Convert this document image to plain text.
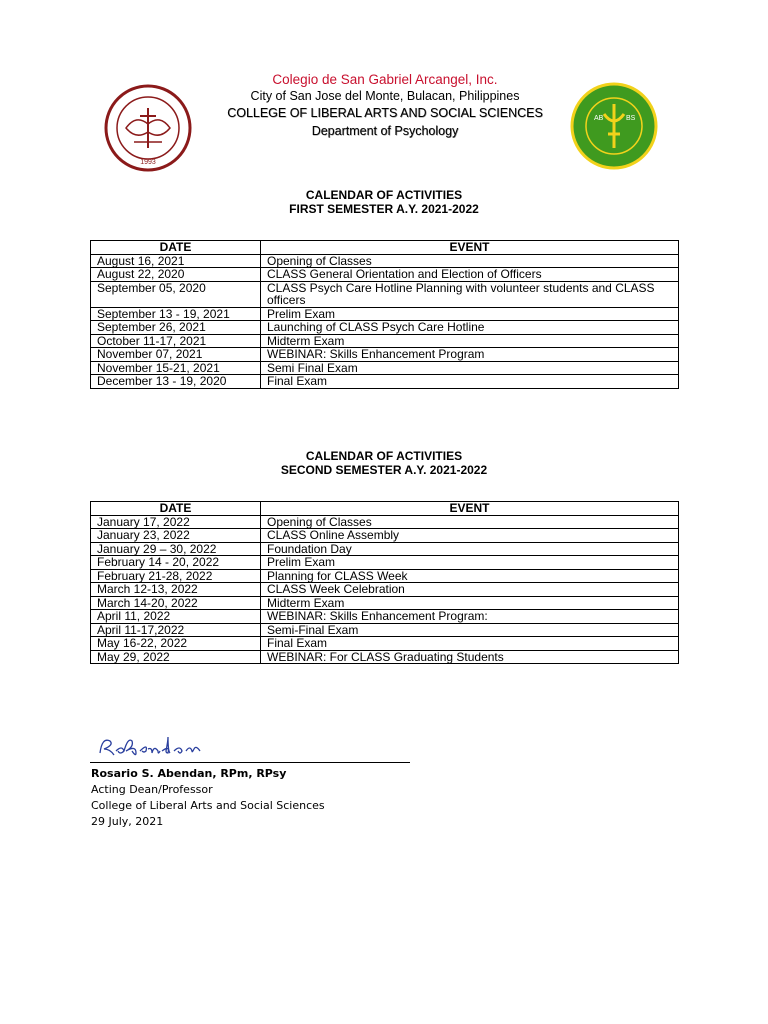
1993
Colegio de San Gabriel Arcangel, Inc.
City of San Jose del Monte, Bulacan, Philippines
COLLEGE OF LIBERAL ARTS AND SOCIAL SCIENCES
Department of Psychology
AB	BS
CALENDAR OF ACTIVITIES
FIRST SEMESTER A.Y. 2021-2022
DATE	EVENT
August 16, 2021	Opening of Classes
August 22, 2020	CLASS General Orientation and Election of Officers
September 05, 2020	CLASS Psych Care Hotline Planning with volunteer students and CLASS officers
September 13 - 19, 2021	Prelim Exam
September 26, 2021	Launching of CLASS Psych Care Hotline
October 11-17, 2021	Midterm Exam
November 07, 2021	WEBINAR: Skills Enhancement Program
November 15-21, 2021	Semi Final Exam
December 13 - 19, 2020	Final Exam
CALENDAR OF ACTIVITIES
SECOND SEMESTER A.Y. 2021-2022
DATE	EVENT
January 17, 2022	Opening of Classes
January 23, 2022	CLASS Online Assembly
January 29 – 30, 2022	Foundation Day
February 14 - 20, 2022	Prelim Exam
February 21-28, 2022	Planning for CLASS Week
March 12-13, 2022	CLASS Week Celebration
March 14-20, 2022	Midterm Exam
April 11, 2022	WEBINAR: Skills Enhancement Program:
April 11-17,2022	Semi-Final Exam
May 16-22, 2022	Final Exam
May 29, 2022	WEBINAR: For CLASS Graduating Students
Rosario S. Abendan, RPm, RPsy
Acting Dean/Professor
College of Liberal Arts and Social Sciences
29 July, 2021
